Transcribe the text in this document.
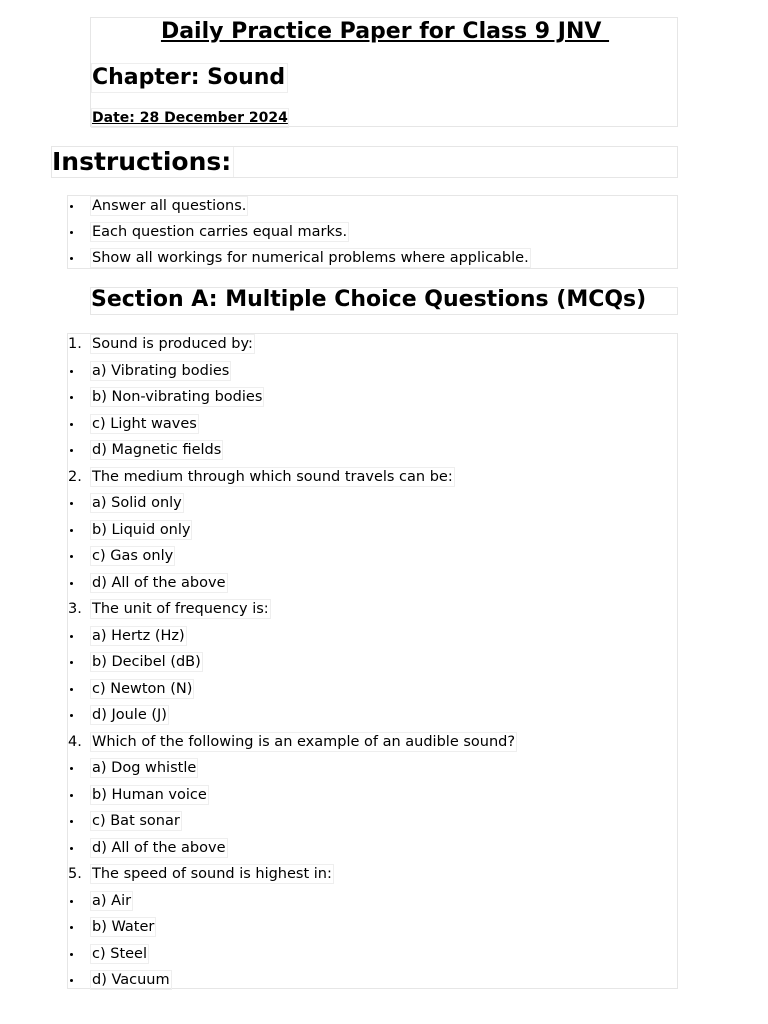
Daily Practice Paper for Class 9 JNV
Chapter: Sound
Date: 28 December 2024
Instructions:
Answer all questions.
Each question carries equal marks.
Show all workings for numerical problems where applicable.
Section A: Multiple Choice Questions (MCQs)
1. Sound is produced by:
a) Vibrating bodies
b) Non-vibrating bodies
c) Light waves
d) Magnetic fields
2. The medium through which sound travels can be:
a) Solid only
b) Liquid only
c) Gas only
d) All of the above
3. The unit of frequency is:
a) Hertz (Hz)
b) Decibel (dB)
c) Newton (N)
d) Joule (J)
4. Which of the following is an example of an audible sound?
a) Dog whistle
b) Human voice
c) Bat sonar
d) All of the above
5. The speed of sound is highest in:
a) Air
b) Water
c) Steel
d) Vacuum
